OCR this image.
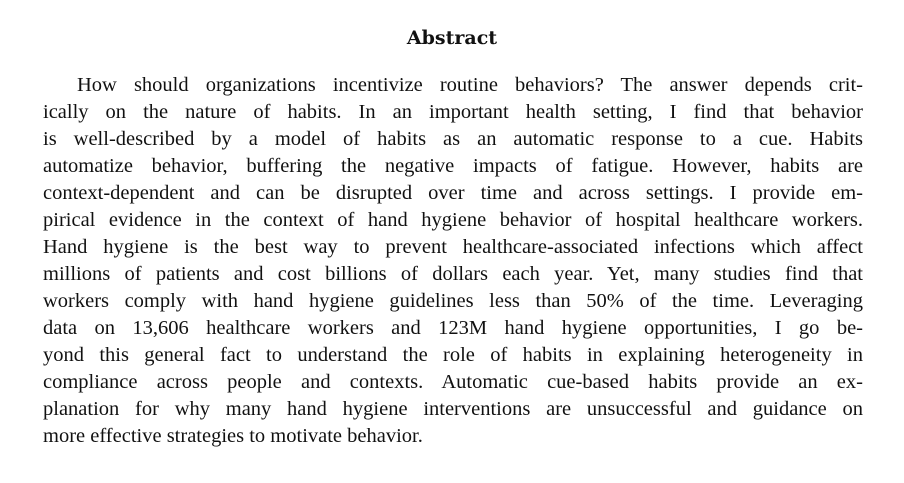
Abstract
How should organizations incentivize routine behaviors? The answer depends crit-
ically on the nature of habits. In an important health setting, I find that behavior
is well-described by a model of habits as an automatic response to a cue. Habits
automatize behavior, buffering the negative impacts of fatigue. However, habits are
context-dependent and can be disrupted over time and across settings. I provide em-
pirical evidence in the context of hand hygiene behavior of hospital healthcare workers.
Hand hygiene is the best way to prevent healthcare-associated infections which affect
millions of patients and cost billions of dollars each year. Yet, many studies find that
workers comply with hand hygiene guidelines less than 50% of the time. Leveraging
data on 13,606 healthcare workers and 123M hand hygiene opportunities, I go be-
yond this general fact to understand the role of habits in explaining heterogeneity in
compliance across people and contexts. Automatic cue-based habits provide an ex-
planation for why many hand hygiene interventions are unsuccessful and guidance on
more effective strategies to motivate behavior.
